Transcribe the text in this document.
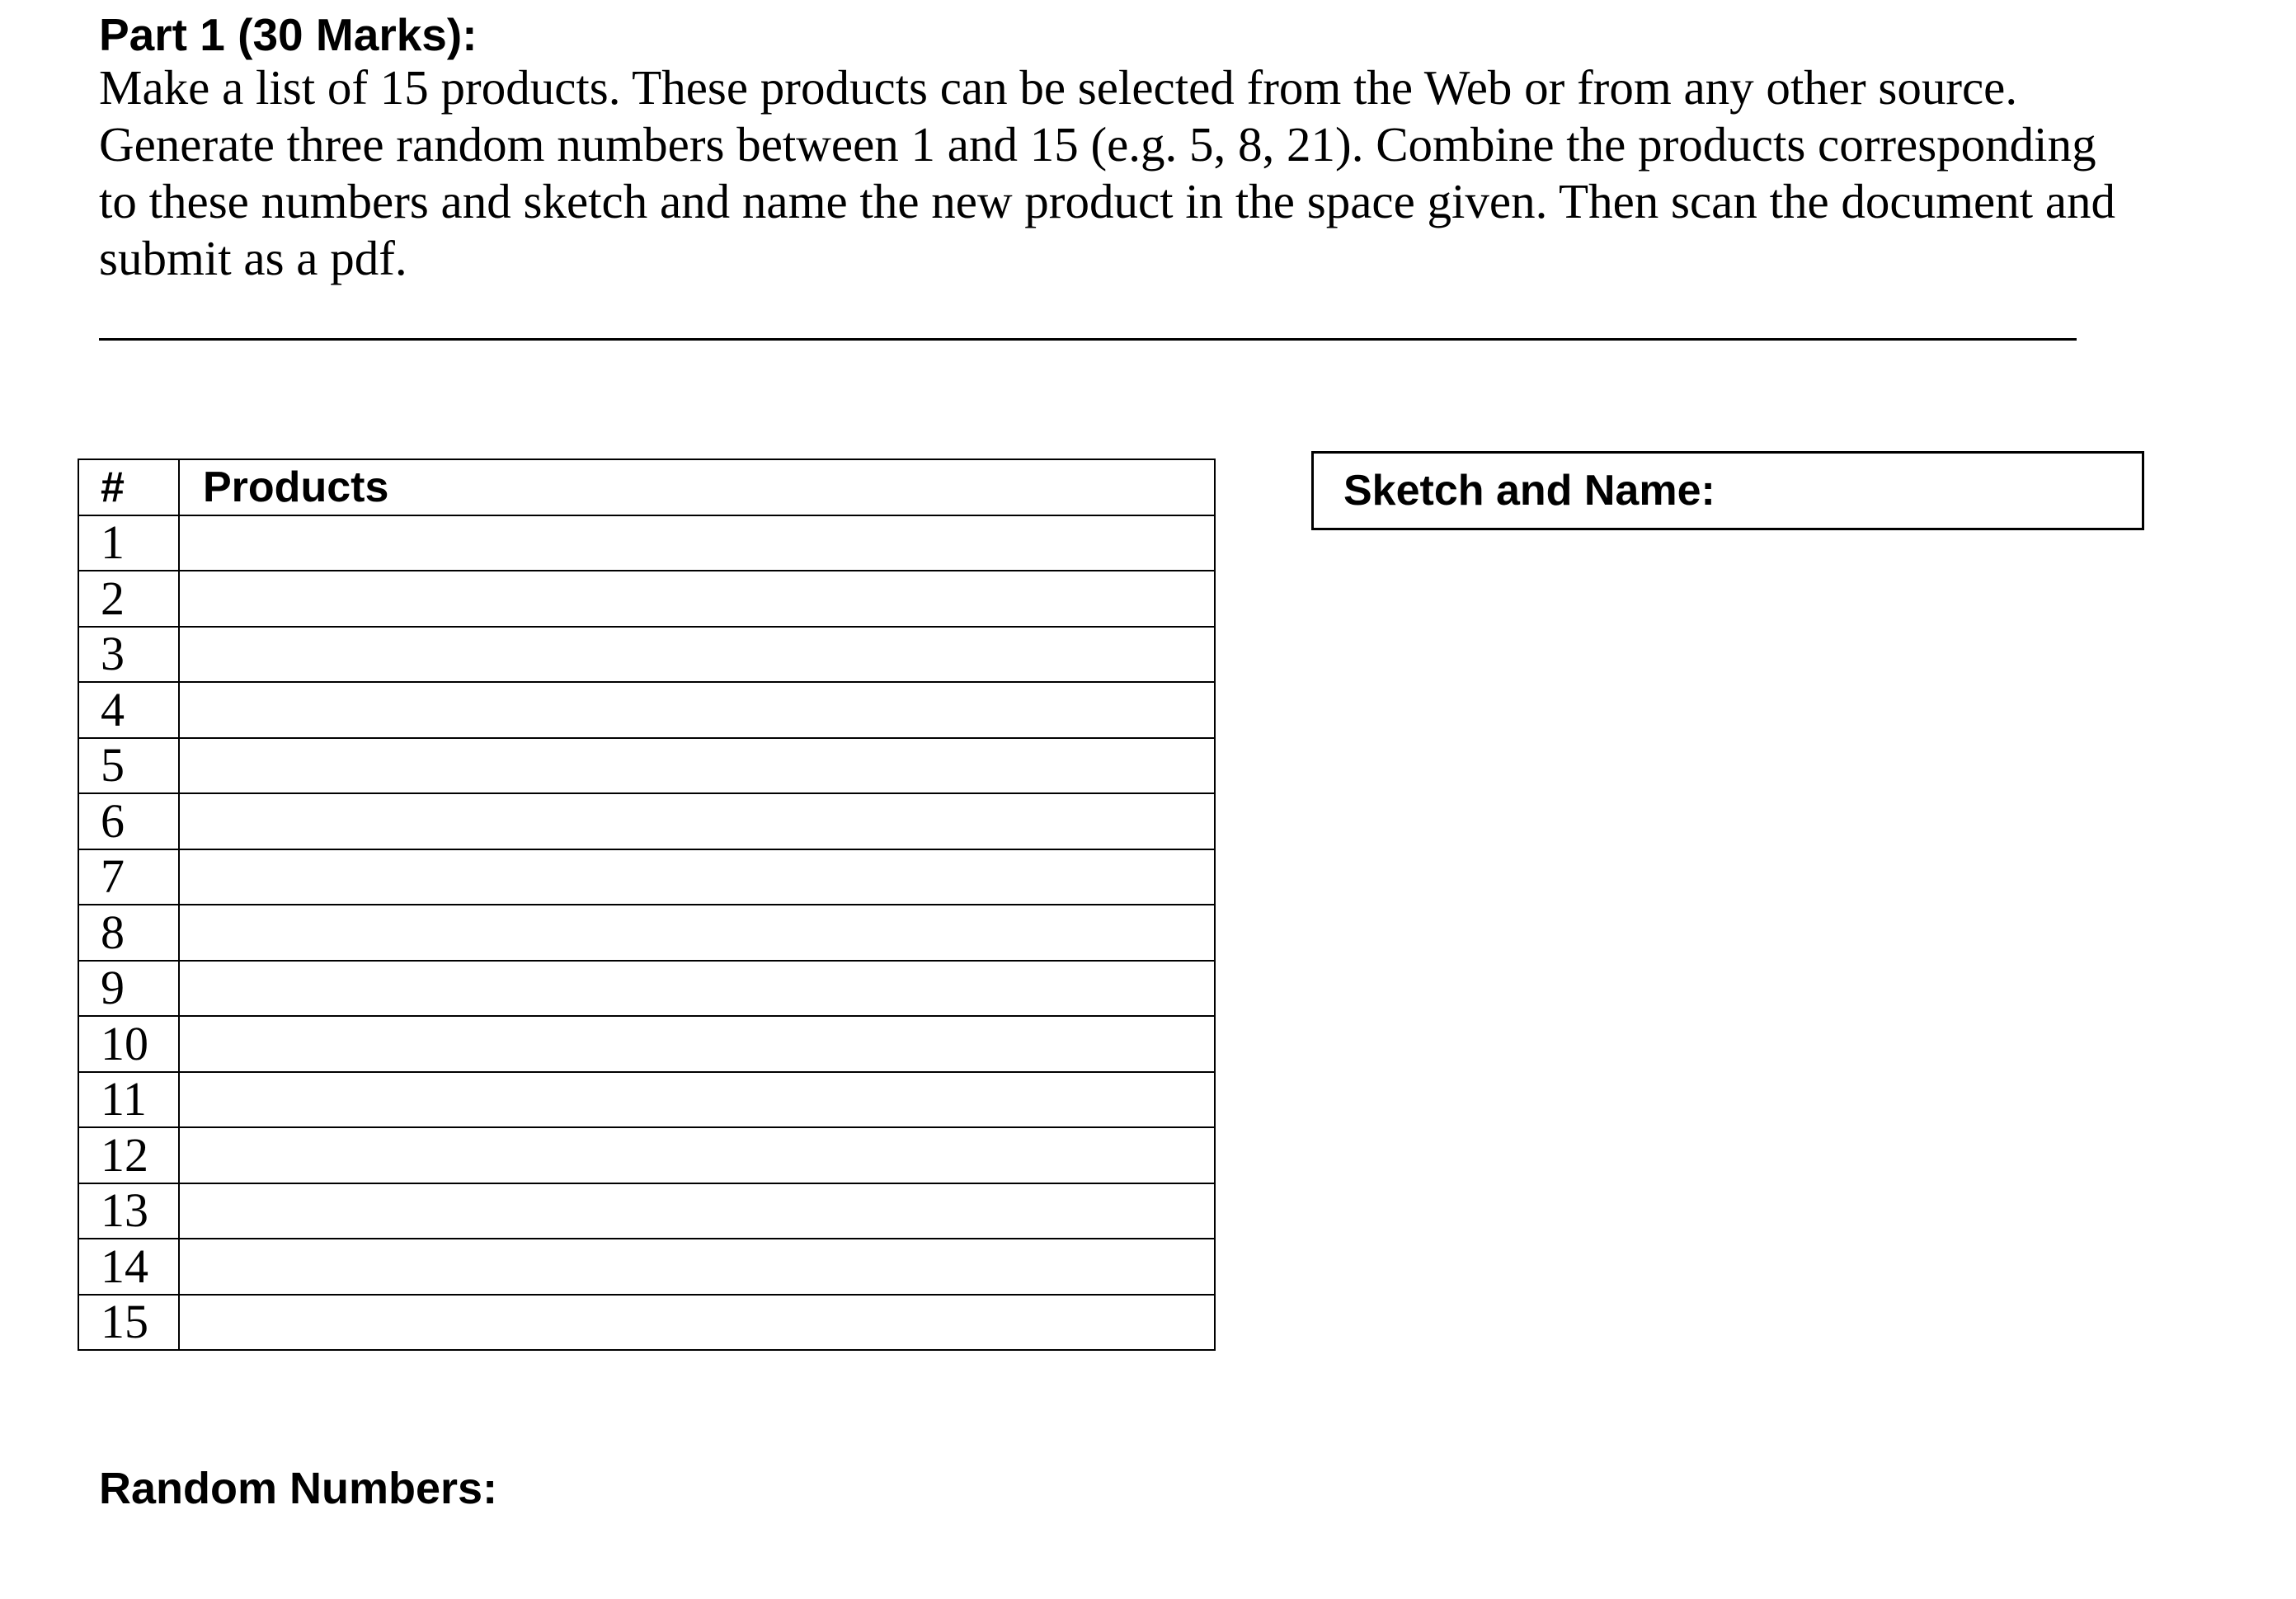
Part 1 (30 Marks):

Make a list of 15 products. These products can be selected from the Web or from any other source.

Generate three random numbers between 1 and 15 (e.g. 5, 8, 21). Combine the products corresponding

to these numbers and sketch and name the new product in the space given. Then scan the document and

submit as a pdf.

#	Products
1	
2	
3	
4	
5	
6	
7	
8	
9	
10	
11	
12	
13	
14	
15	
Sketch and Name:
Random Numbers:
